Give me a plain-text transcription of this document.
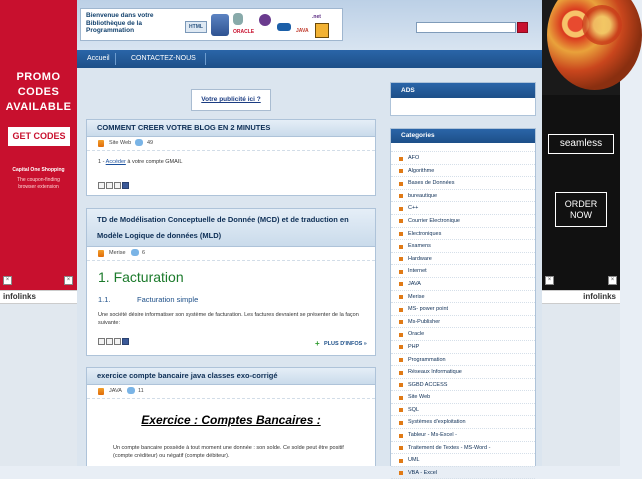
PROMO
CODES
AVAILABLE
GET CODES
Capital One Shopping
The coupon-finding
browser extension
×	×
seamless
ORDER
NOW
×	×
infolinks	infolinks
Bienvenue dans votre Bibliothèque de la Programmation	HTML
ORACLE	JAVA
.net
Accueil	CONTACTEZ-NOUS
Votre publicité ici ?
COMMENT CREER VOTRE BLOG EN 2 MINUTES
Site Web	49
1 - Accéder à votre compte GMAIL
TD de Modélisation Conceptuelle de Donnée (MCD) et de traduction en Modèle Logique de données (MLD)
Merise	6
1. Facturation
1.1.	Facturation simple
Une société désire informatiser son système de facturation. Les factures devraient se présenter de la façon suivante:
+ PLUS D'INFOS »
exercice compte bancaire java classes exo-corrigé
JAVA	11
Exercice : Comptes Bancaires :
Un compte bancaire possède à tout moment une donnée : son solde. Ce solde peut être positif (compte créditeur) ou négatif (compte débiteur).
ADS
Categories
AFO
Algorithme
Bases de Données
bureautique
C++
Courrier Electronique
Electroniques
Examens
Hardware
Internet
JAVA
Merise
MS- power point
Ms-Publisher
Oracle
PHP
Programmation
Réseaux Informatique
SGBD ACCESS
Site Web
SQL
Systèmes d'exploitation
Tableur - Ms-Excel -
Traitement de Textes - MS-Word -
UML
VBA - Excel
